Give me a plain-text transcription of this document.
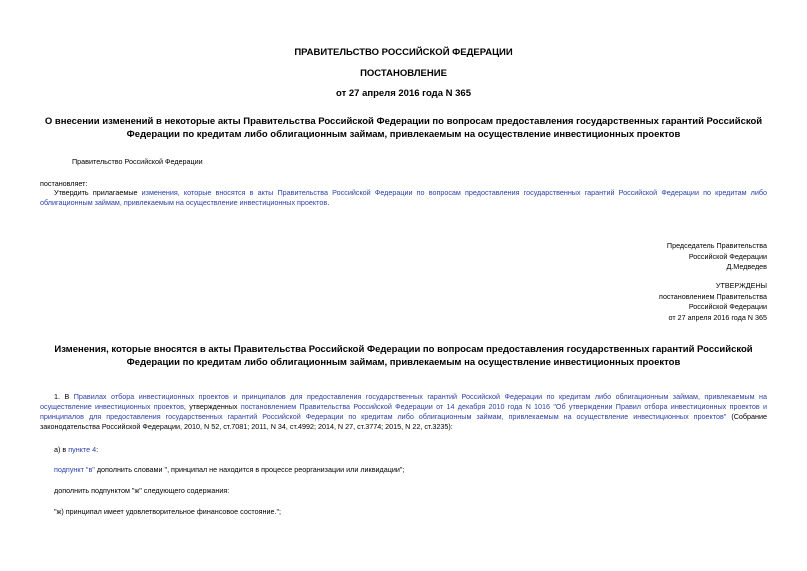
ПРАВИТЕЛЬСТВО РОССИЙСКОЙ ФЕДЕРАЦИИ
ПОСТАНОВЛЕНИЕ
от 27 апреля 2016 года N 365
О внесении изменений в некоторые акты Правительства Российской Федерации по вопросам предоставления государственных гарантий Российской Федерации по кредитам либо облигационным займам, привлекаемым на осуществление инвестиционных проектов
Правительство Российской Федерации
постановляет:
Утвердить прилагаемые изменения, которые вносятся в акты Правительства Российской Федерации по вопросам предоставления государственных гарантий Российской Федерации по кредитам либо облигационным займам, привлекаемым на осуществление инвестиционных проектов.
Председатель Правительства
Российской Федерации
Д.Медведев
УТВЕРЖДЕНЫ
постановлением Правительства
Российской Федерации
от 27 апреля 2016 года N 365
Изменения, которые вносятся в акты Правительства Российской Федерации по вопросам предоставления государственных гарантий Российской Федерации по кредитам либо облигационным займам, привлекаемым на осуществление инвестиционных проектов
1. В Правилах отбора инвестиционных проектов и принципалов для предоставления государственных гарантий Российской Федерации по кредитам либо облигационным займам, привлекаемым на осуществление инвестиционных проектов, утвержденных постановлением Правительства Российской Федерации от 14 декабря 2010 года N 1016 "Об утверждении Правил отбора инвестиционных проектов и принципалов для предоставления государственных гарантий Российской Федерации по кредитам либо облигационным займам, привлекаемым на осуществление инвестиционных проектов" (Собрание законодательства Российской Федерации, 2010, N 52, ст.7081; 2011, N 34, ст.4992; 2014, N 27, ст.3774; 2015, N 22, ст.3235):
а) в пункте 4:
подпункт "в" дополнить словами ", принципал не находится в процессе реорганизации или ликвидации";
дополнить подпунктом "ж" следующего содержания:
"ж) принципал имеет удовлетворительное финансовое состояние.";
